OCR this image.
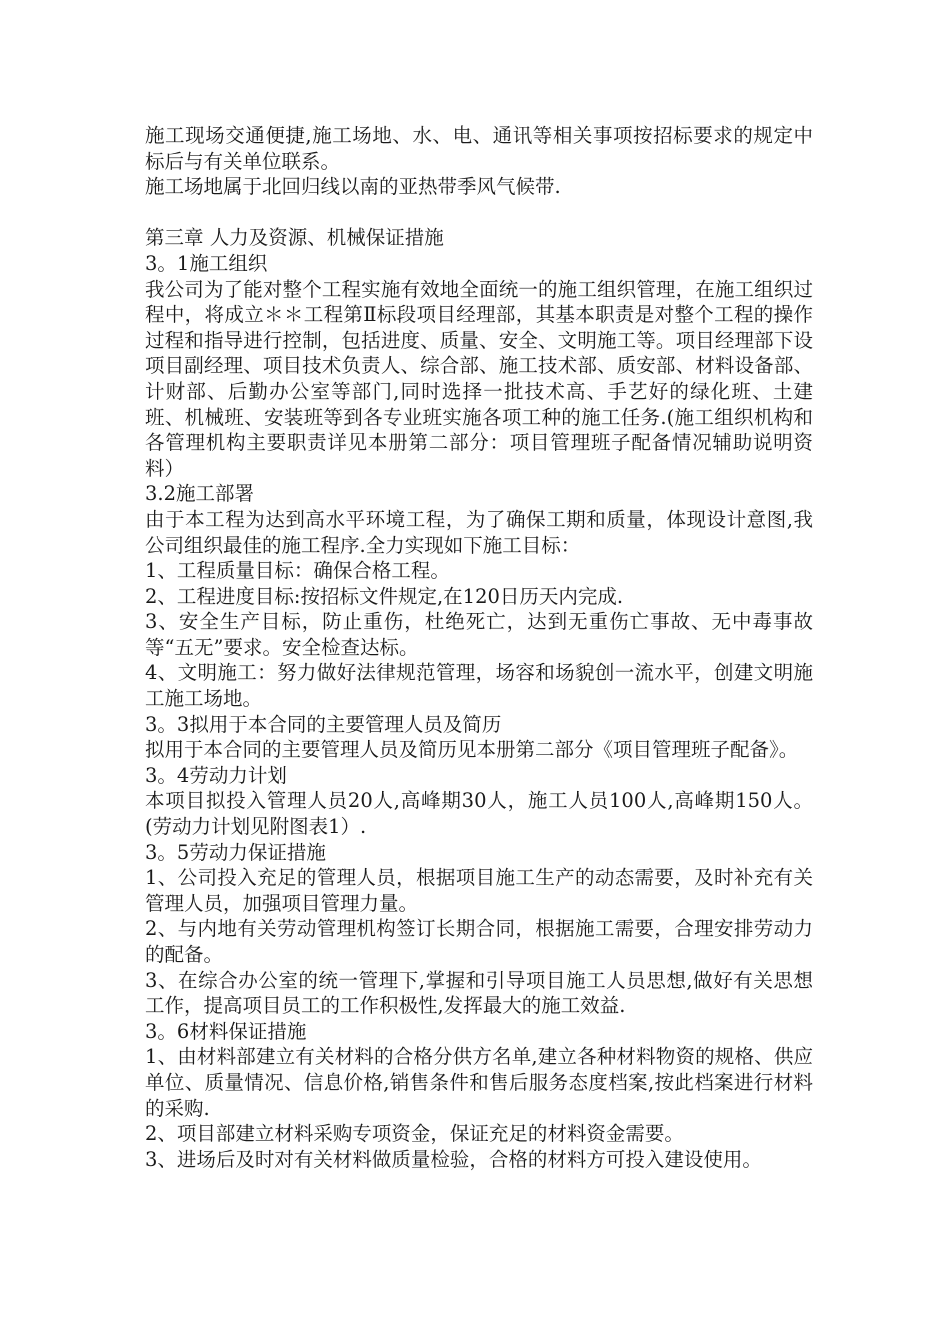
施工现场交通便捷,施工场地、水、电、通讯等相关事项按招标要求的规定中标后与有关单位联系。

施工场地属于北回归线以南的亚热带季风气候带.

第三章 人力及资源、机械保证措施

3。1施工组织

我公司为了能对整个工程实施有效地全面统一的施工组织管理，在施工组织过程中，将成立＊＊工程第Ⅱ标段项目经理部，其基本职责是对整个工程的操作过程和指导进行控制，包括进度、质量、安全、文明施工等。项目经理部下设项目副经理、项目技术负责人、综合部、施工技术部、质安部、材料设备部、计财部、后勤办公室等部门,同时选择一批技术高、手艺好的绿化班、土建班、机械班、安装班等到各专业班实施各项工种的施工任务.(施工组织机构和各管理机构主要职责详见本册第二部分：项目管理班子配备情况辅助说明资料）

3.2施工部署

由于本工程为达到高水平环境工程，为了确保工期和质量，体现设计意图,我公司组织最佳的施工程序.全力实现如下施工目标：

1、工程质量目标：确保合格工程。

2、工程进度目标:按招标文件规定,在120日历天内完成.

3、安全生产目标，防止重伤，杜绝死亡，达到无重伤亡事故、无中毒事故等“五无”要求。安全检查达标。

4、文明施工：努力做好法律规范管理，场容和场貌创一流水平，创建文明施工施工场地。

3。3拟用于本合同的主要管理人员及简历

拟用于本合同的主要管理人员及简历见本册第二部分《项目管理班子配备》。

3。4劳动力计划

本项目拟投入管理人员20人,高峰期30人，施工人员100人,高峰期150人。(劳动力计划见附图表1）.

3。5劳动力保证措施

1、公司投入充足的管理人员，根据项目施工生产的动态需要，及时补充有关管理人员，加强项目管理力量。

2、与内地有关劳动管理机构签订长期合同，根据施工需要，合理安排劳动力的配备。

3、在综合办公室的统一管理下,掌握和引导项目施工人员思想,做好有关思想工作，提高项目员工的工作积极性,发挥最大的施工效益.

3。6材料保证措施

1、由材料部建立有关材料的合格分供方名单,建立各种材料物资的规格、供应单位、质量情况、信息价格,销售条件和售后服务态度档案,按此档案进行材料的采购.

2、项目部建立材料采购专项资金，保证充足的材料资金需要。

3、进场后及时对有关材料做质量检验，合格的材料方可投入建设使用。
